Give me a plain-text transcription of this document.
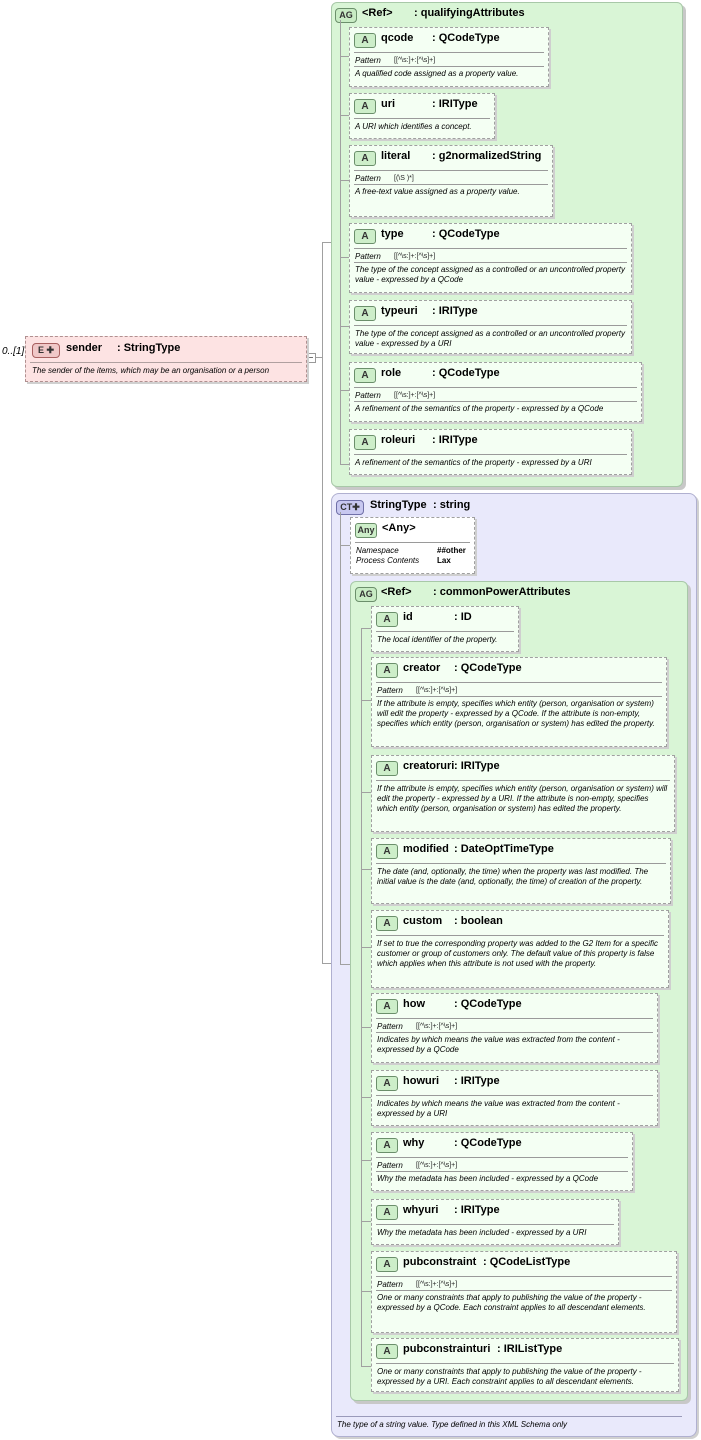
−
0..[1]	E ✚	sender : StringType
The sender of the items, which may be an organisation or a person
AG <Ref> : qualifyingAttributes
A	qcode : QCodeType
Pattern [[^\s:]+:[^\s]+]
A qualified code assigned as a property value.
A	uri	: IRIType
A URI which identifies a concept.
A	literal : g2normalizedString
Pattern [(\S )*]
A free-text value assigned as a property value.
A	type	: QCodeType
Pattern [[^\s:]+:[^\s]+]
The type of the concept assigned as a controlled or an uncontrolled property value - expressed by a QCode
A	typeuri : IRIType
The type of the concept assigned as a controlled or an uncontrolled property value - expressed by a URI
A	role	: QCodeType
Pattern [[^\s:]+:[^\s]+]
A refinement of the semantics of the property - expressed by a QCode
A	roleuri : IRIType
A refinement of the semantics of the property - expressed by a URI
CT✚ StringType : string
The type of a string value. Type defined in this XML Schema only
Any <Any>
Namespace	##other
Process Contents Lax
AG <Ref> : commonPowerAttributes
A	id	: ID
The local identifier of the property.
A	creator : QCodeType
Pattern [[^\s:]+:[^\s]+]
If the attribute is empty, specifies which entity (person, organisation or system) will edit the property - expressed by a QCode. If the attribute is non-empty, specifies which entity (person, organisation or system) has edited the property.
A	creatoruri : IRIType
If the attribute is empty, specifies which entity (person, organisation or system) will edit the property - expressed by a URI. If the attribute is non-empty, specifies which entity (person, organisation or system) has edited the property.
A	modified : DateOptTimeType
The date (and, optionally, the time) when the property was last modified. The initial value is the date (and, optionally, the time) of creation of the property.
A	custom : boolean
If set to true the corresponding property was added to the G2 Item for a specific customer or group of customers only. The default value of this property is false which applies when this attribute is not used with the property.
A	how	: QCodeType
Pattern [[^\s:]+:[^\s]+]
Indicates by which means the value was extracted from the content - expressed by a QCode
A	howuri : IRIType
Indicates by which means the value was extracted from the content - expressed by a URI
A	why	: QCodeType
Pattern [[^\s:]+:[^\s]+]
Why the metadata has been included - expressed by a QCode
A	whyuri : IRIType
Why the metadata has been included - expressed by a URI
A	pubconstraint : QCodeListType
Pattern [[^\s:]+:[^\s]+]
One or many constraints that apply to publishing the value of the property - expressed by a QCode. Each constraint applies to all descendant elements.
A	pubconstrainturi : IRIListType
One or many constraints that apply to publishing the value of the property - expressed by a URI. Each constraint applies to all descendant elements.
